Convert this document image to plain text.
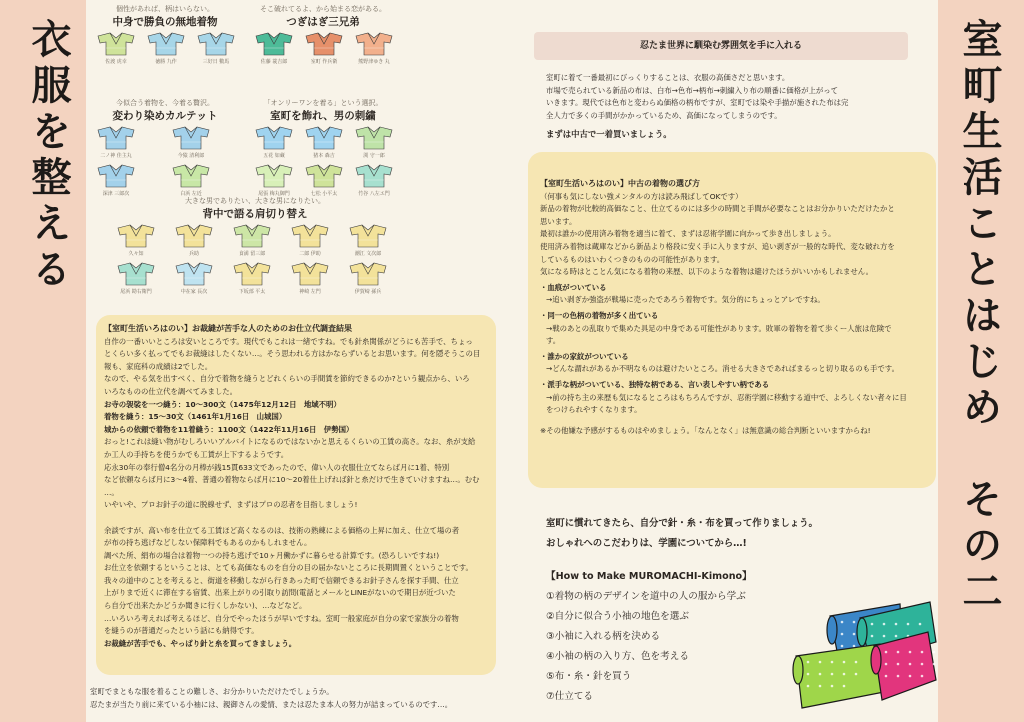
衣服を整える	室町生活ことはじめ　その二
個性があれば、柄はいらない。
中身で勝負の無地着物
佐渡 虎幸	徳勝 九作	三好日 數馬
そこ破れてるよ、から始まる恋がある。
つぎはぎ三兄弟
佐藤 蓑吉郎	室町 作兵衛	熊野津ゆき 丸
今似合う着物を、今着る贅沢。
変わり染めカルテット
二ノ神 佳主丸	今猿 清利郎
深津 三郎次	白浜 左近
「オンリーワンを着る」という選択。
室町を飾れ、男の刺繍
五花 如蔵	猪本 森吉	渕 守一郎
尾張 梅丸御門	七松 小平太	竹谷 八左エ門
大きな男でありたい、大きな男になりたい。
背中で語る肩切り替え
久々知	兵助	食満 留三郎	二郎 伊助	潮江 文次郎
尾浜 勘右衛門	中在家 長次	下坂部 平太	神崎 左門	伊賀崎 孫兵

【室町生活いろはのい】お裁縫が苦手な人のためのお仕立代調査結果

自作の一番いいところは安いところです。現代でもこれは一緒ですね。でも針糸関係がどうにも苦手で、ちょっ

とくらい多く払ってでもお裁縫はしたくない…。そう思われる方はかならずいるとお思います。何を隠そうこの目

報も、家庭科の成績は2でした。

なので、やる気を出すべく、自分で着物を縫うとどれくらいの手間賃を節約できるのか?という観点から、いろ

いろなものの仕立代を調べてみました。

お寺の袈裟を一つ縫う：10～300文（1475年12月12日　地域不明）

着物を縫う：15～30文（1461年1月16日　山城国）

城からの依頼で着物を11着縫う：1100文（1422年11月16日　伊勢国）

おっと!これは縫い物がむしろいいアルバイトになるのではないかと思えるくらいの工賃の高さ。なお、糸が支給

か工人の手持ちを使うかでも工賃が上下するようです。

応永30年の奉行僧4名分の月棒が銭15貫633文であったので、偉い人の衣服仕立てならば月に1着、特別

など依頼ならば月に3～4着、普通の着物ならば月に10～20着仕上げれば針と糸だけで生きていけますね…。むむ

…。

いやいや、プロお針子の道に脱線せず、まずはプロの忍者を目指しましょう!

余談ですが、高い布を仕立てる工賃ほど高くなるのは、技術の熟練による価格の上昇に加え、仕立て場の者

が布の持ち逃げなどしない保障料でもあるのかもしれません。

調べた所、絹布の場合は着物一つの持ち逃げで10ヶ月働かずに暮らせる計算です。(恐ろしいですね!)

お仕立を依頼するということは、とても高価なものを自分の目の届かないところに長期間置くということです。

我々の道中のことを考えると、街道を移動しながら行きあった町で信頼できるお針子さんを探す手間、仕立

上がりまで近くに滞在する宿賃、出来上がりの引取り訪問(電話とメールとLINEがないので期日が近づいた

ら自分で出来たかどうか聞きに行くしかない)、…などなど。

…いろいろ考えれば考えるほど、自分でやったほうが早いですね。室町一般家庭が自分の家で家族分の着物

を縫うのが普通だったという話にも納得です。

お裁縫が苦手でも、やっぱり針と糸を買ってきましょう。

室町でまともな服を着ることの難しさ、お分かりいただけたでしょうか。

忍たまが当たり前に来ている小袖には、親御さんの愛情、または忍たま本人の努力が詰まっているのです…。

忍たま世界に馴染む雰囲気を手に入れる

室町に着て一番最初にびっくりすることは、衣服の高価さだと思います。

市場で売られている新品の布は、白布→色布→柄布→刺繍入り布の順番に価格が上がって

いきます。現代では色布と変わらぬ価格の柄布ですが、室町では染や手描が施された布は完

全人力で多くの手間がかかっているため、高価になってしまうのです。

まずは中古で一着買いましょう。

【室町生活いろはのい】中古の着物の選び方

（何事も気にしない強メンタルの方は読み飛ばしてOKです）

新品の着物が比較的高価なこと、仕立てるのには多少の時間と手間が必要なことはお分かりいただけたかと

思います。

最初は誰かの使用済み着物を適当に着て、まずは忍術学園に向かって歩き出しましょう。

使用済み着物は蔵庫などから新品より格段に安く手に入りますが、追い剥ぎが一般的な時代、変な破れ方を

しているものはいわくつきのものの可能性があります。

気になる時はとことん気になる着物の来歴、以下のような着物は避けたほうがいいかもしれません。

・血痕がついている

→追い剥ぎか強盗が戦場に売ったであろう着物です。気分的にちょっとアレですね。

・同一の色柄の着物が多く出ている

→戦のあとの乱取りで集めた具足の中身である可能性があります。敗軍の着物を着て歩くー人旅は危険で
す。

・誰かの家紋がついている

→どんな謂れがあるか不明なものは避けたいところ。消せる大きさであればまるっと切り取るのも手です。

・派手な柄がついている、独特な柄である、言い表しやすい柄である

→前の持ち主の来歴も気になるところはもちろんですが、忍術学園に移動する道中で、よろしくない者々に目
をつけられやすくなります。

※その他嫌な予感がするものはやめましょう。「なんとなく」は無意識の総合判断といいますからね!

室町に慣れてきたら、自分で針・糸・布を買って作りましょう。

おしゃれへのこだわりは、学園についてから…!

【How to Make MUROMACHI-Kimono】
①着物の柄のデザインを道中の人の服から学ぶ
②自分に似合う小袖の地色を選ぶ
③小袖に入れる柄を決める
④小袖の柄の入り方、色を考える
⑤布・糸・針を買う
⑦仕立てる
